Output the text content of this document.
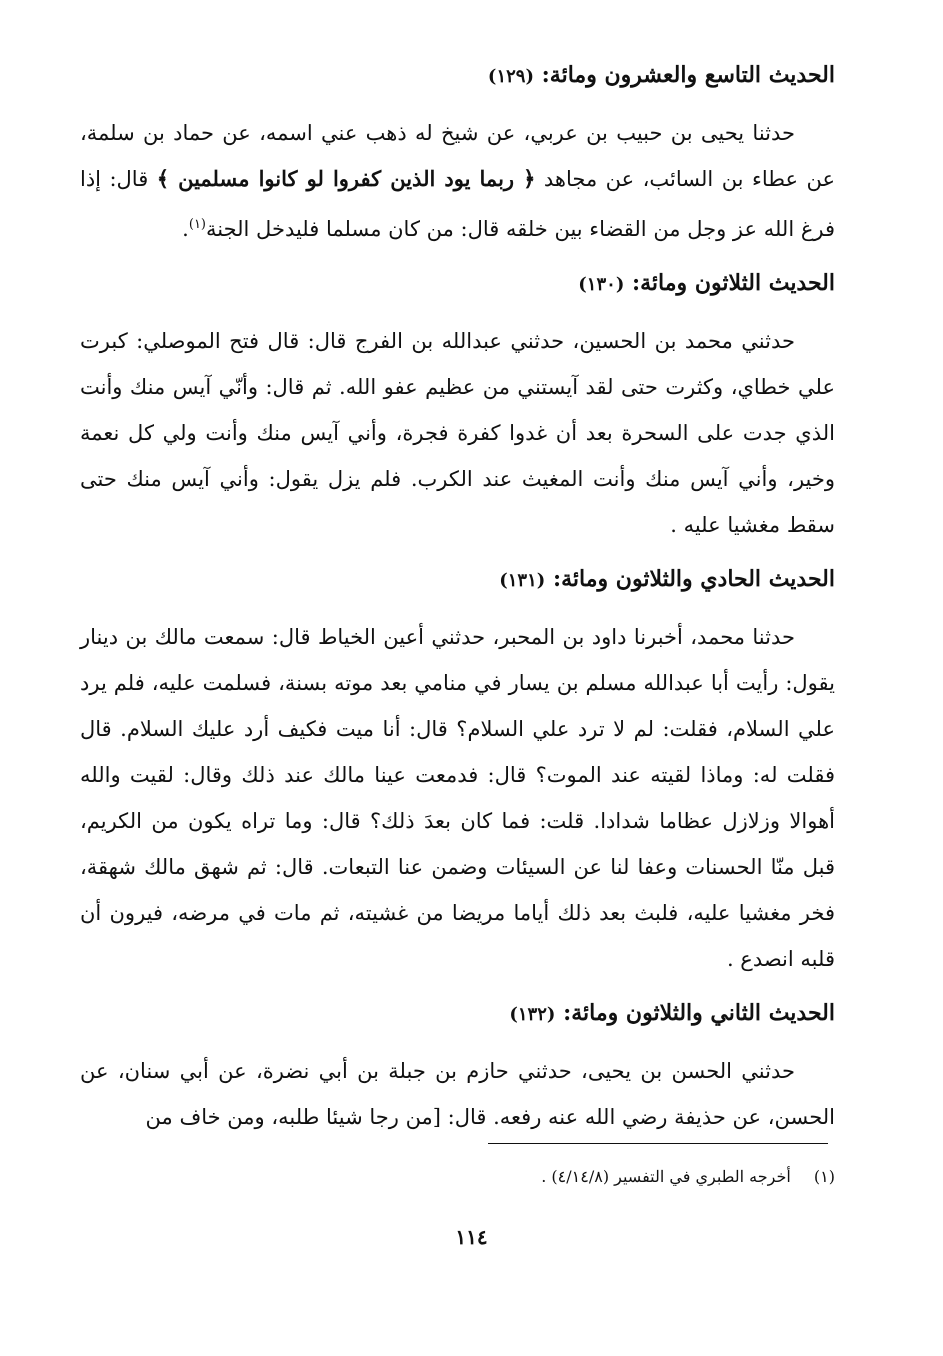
الحديث التاسع والعشرون ومائة: (١٢٩)

حدثنا يحيى بن حبيب بن عربي، عن شيخ له ذهب عني اسمه، عن حماد بن سلمة، عن عطاء بن السائب، عن مجاهد ﴿ ربما يود الذين كفروا لو كانوا مسلمين ﴾ قال: إذا فرغ الله عز وجل من القضاء بين خلقه قال: من كان مسلما فليدخل الجنة$^{(١)}$.

الحديث الثلاثون ومائة: (١٣٠)

حدثني محمد بن الحسين، حدثني عبدالله بن الفرج قال: قال فتح الموصلي: كبرت علي خطاي، وكثرت حتى لقد آيستني من عظيم عفو الله. ثم قال: وأنّي آيس منك وأنت الذي جدت على السحرة بعد أن غدوا كفرة فجرة، وأني آيس منك وأنت ولي كل نعمة وخير، وأني آيس منك وأنت المغيث عند الكرب. فلم يزل يقول: وأني آيس منك حتى سقط مغشيا عليه .

الحديث الحادي والثلاثون ومائة: (١٣١)

حدثنا محمد، أخبرنا داود بن المحبر، حدثني أعين الخياط قال: سمعت مالك بن دينار يقول: رأيت أبا عبدالله مسلم بن يسار في منامي بعد موته بسنة، فسلمت عليه، فلم يرد علي السلام، فقلت: لم لا ترد علي السلام؟ قال: أنا ميت فكيف أرد عليك السلام. قال فقلت له: وماذا لقيته عند الموت؟ قال: فدمعت عينا مالك عند ذلك وقال: لقيت والله أهوالا وزلازل عظاما شدادا. قلت: فما كان بعدَ ذلك؟ قال: وما تراه يكون من الكريم، قبل منّا الحسنات وعفا لنا عن السيئات وضمن عنا التبعات. قال: ثم شهق مالك شهقة، فخر مغشيا عليه، فلبث بعد ذلك أياما مريضا من غشيته، ثم مات في مرضه، فيرون أن قلبه انصدع .

الحديث الثاني والثلاثون ومائة: (١٣٢)

حدثني الحسن بن يحيى، حدثني حازم بن جبلة بن أبي نضرة، عن أبي سنان، عن الحسن، عن حذيفة رضي الله عنه رفعه. قال: [من رجا شيئا طلبه، ومن خاف من

(١) أخرجه الطبري في التفسير (٤/١٤/٨) .
١١٤
